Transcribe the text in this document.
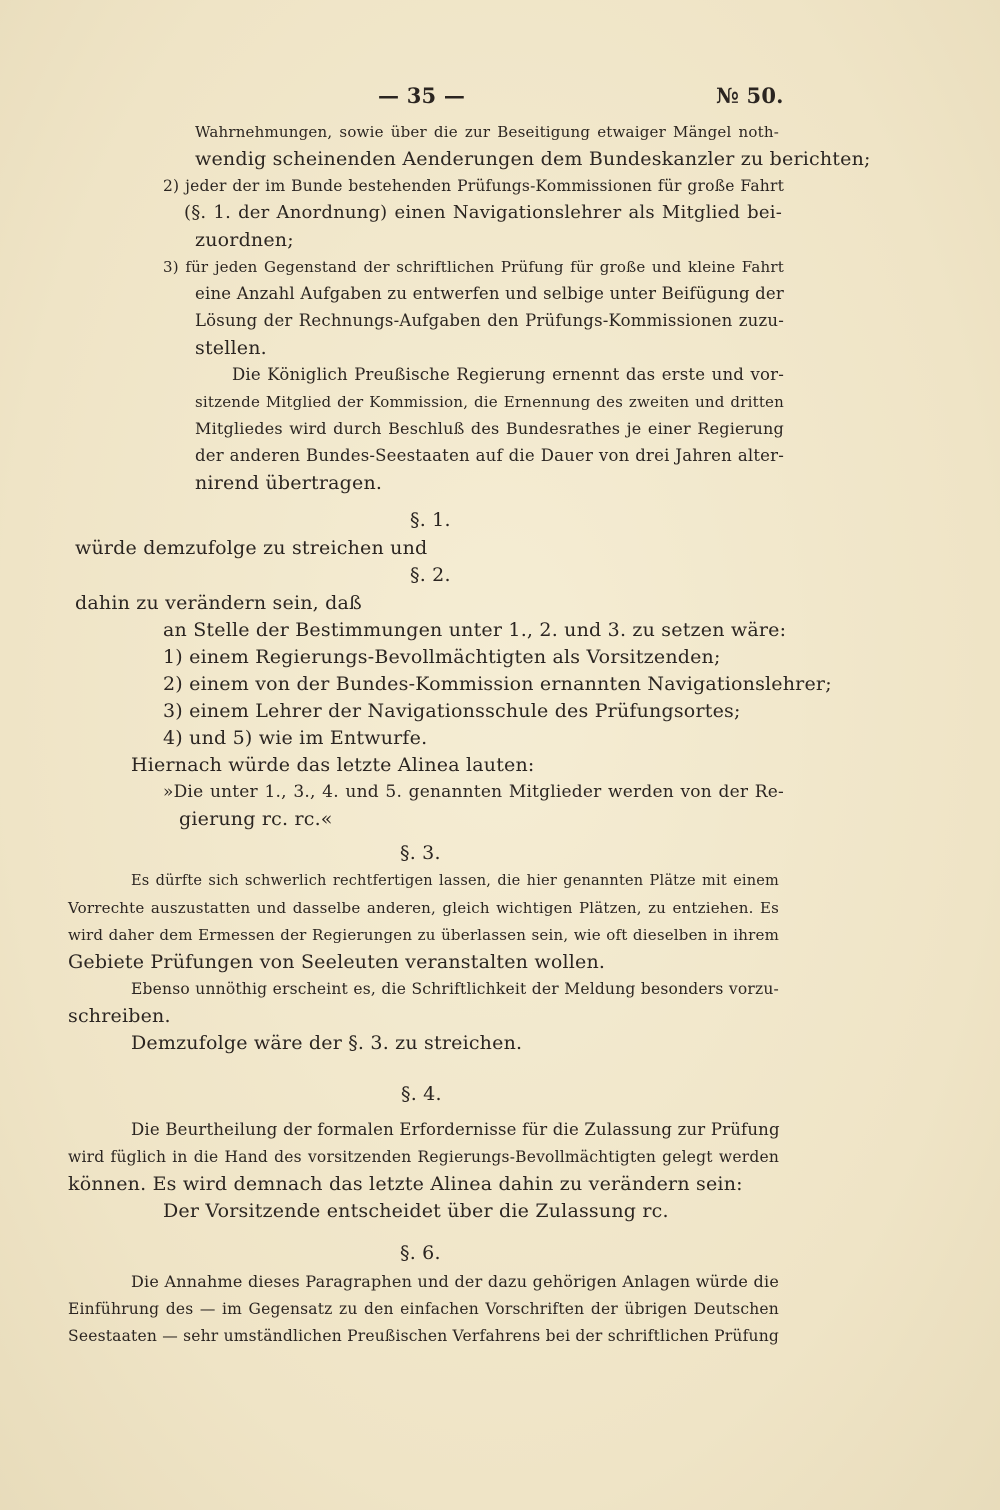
— 35 —	№ 50.
Wahrnehmungen, sowie über die zur Beseitigung etwaiger Mängel noth-
wendig scheinenden Aenderungen dem Bundeskanzler zu berichten;
2) jeder der im Bunde bestehenden Prüfungs-Kommissionen für große Fahrt
(§. 1. der Anordnung) einen Navigationslehrer als Mitglied bei-
zuordnen;
3) für jeden Gegenstand der schriftlichen Prüfung für große und kleine Fahrt
eine Anzahl Aufgaben zu entwerfen und selbige unter Beifügung der
Lösung der Rechnungs-Aufgaben den Prüfungs-Kommissionen zuzu-
stellen.
Die Königlich Preußische Regierung ernennt das erste und vor-
sitzende Mitglied der Kommission, die Ernennung des zweiten und dritten
Mitgliedes wird durch Beschluß des Bundesrathes je einer Regierung
der anderen Bundes-Seestaaten auf die Dauer von drei Jahren alter-
nirend übertragen.
§. 1.
würde demzufolge zu streichen und
§. 2.
dahin zu verändern sein, daß
an Stelle der Bestimmungen unter 1., 2. und 3. zu setzen wäre:
1) einem Regierungs-Bevollmächtigten als Vorsitzenden;
2) einem von der Bundes-Kommission ernannten Navigationslehrer;
3) einem Lehrer der Navigationsschule des Prüfungsortes;
4) und 5) wie im Entwurfe.
Hiernach würde das letzte Alinea lauten:
»Die unter 1., 3., 4. und 5. genannten Mitglieder werden von der Re-
gierung rc. rc.«
§. 3.
Es dürfte sich schwerlich rechtfertigen lassen, die hier genannten Plätze mit einem
Vorrechte auszustatten und dasselbe anderen, gleich wichtigen Plätzen, zu entziehen. Es
wird daher dem Ermessen der Regierungen zu überlassen sein, wie oft dieselben in ihrem
Gebiete Prüfungen von Seeleuten veranstalten wollen.
Ebenso unnöthig erscheint es, die Schriftlichkeit der Meldung besonders vorzu-
schreiben.
Demzufolge wäre der §. 3. zu streichen.
§. 4.
Die Beurtheilung der formalen Erfordernisse für die Zulassung zur Prüfung
wird füglich in die Hand des vorsitzenden Regierungs-Bevollmächtigten gelegt werden
können. Es wird demnach das letzte Alinea dahin zu verändern sein:
Der Vorsitzende entscheidet über die Zulassung rc.
§. 6.
Die Annahme dieses Paragraphen und der dazu gehörigen Anlagen würde die
Einführung des — im Gegensatz zu den einfachen Vorschriften der übrigen Deutschen
Seestaaten — sehr umständlichen Preußischen Verfahrens bei der schriftlichen Prüfung
